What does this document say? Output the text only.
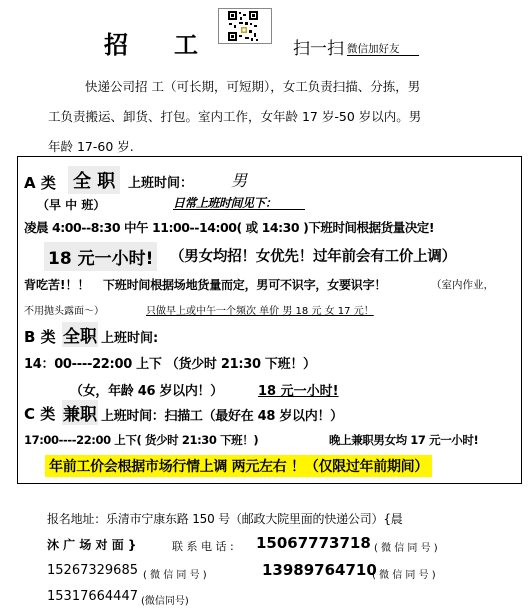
招 工	扫一扫 微信加好友
快递公司招 工（可长期，可短期），女工负责扫描、分拣，男
工负责搬运、卸货、打包。室内工作，女年龄 17 岁-50 岁以内。男
年龄 17-60 岁.
A 类 全 职 上班时间： 男
（早 中 班）	日常上班时间见下：
凌晨 4:00--8:30 中午 11:00--14:00( 或 14:30 )下班时间根据货量决定!
18 元一小时! （男女均招！女优先！过年前会有工价上调）
背吃苦!！！ 下班时间根据场地货量而定，男可不识字，女要识字！	（室内作业，
不用抛头露面～）	只做早上或中午一个频次 单价 男 18 元 女 17 元！
B 类 全职 上班时间:
14：00----22:00 上下 （货少时 21:30 下班！）
（女，年龄 46 岁以内！）	18 元一小时!
C 类 兼职 上班时间：扫描工（最好在 48 岁以内！）
17:00----22:00 上下( 货少时 21:30 下班！)	晚上兼职男女均 17 元一小时!
年前工价会根据市场行情上调 两元左右 ！（仅限过年前期间）
报名地址：乐清市宁康东路 150 号（邮政大院里面的快递公司）{晨
沐 广 场 对 面 }	联 系 电 话 : 15067773718 ( 微 信 同 号 )
15267329685 ( 微 信 同 号 )	13989764710
( 微 信 同 号 )
15317664447 (微信同号)
